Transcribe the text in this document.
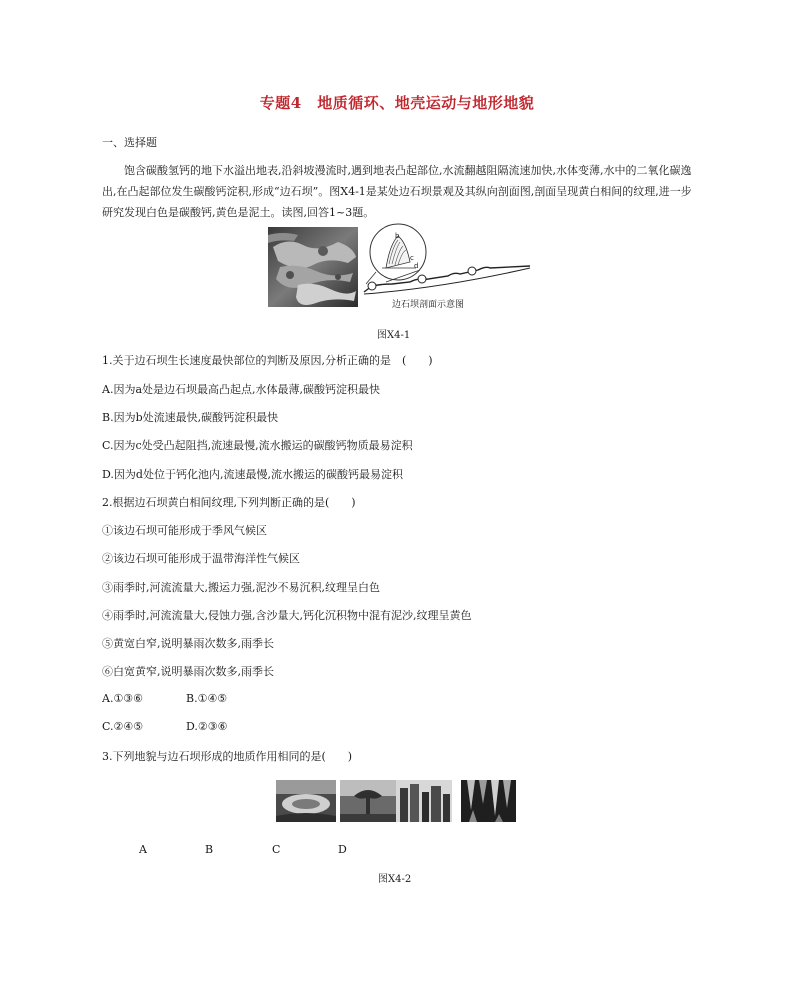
专题4　地质循环、地壳运动与地形地貌
一、选择题

饱含碳酸氢钙的地下水溢出地表,沿斜坡漫流时,遇到地表凸起部位,水流翻越阻隔流速加快,水体变薄,水中的二氧化碳逸出,在凸起部位发生碳酸钙淀积,形成“边石坝”。图X4-1是某处边石坝景观及其纵向剖面图,剖面呈现黄白相间的纹理,进一步研究发现白色是碳酸钙,黄色是泥土。读图,回答1~3题。

b
c
d
边石坝剖面示意图
图X4-1
1.关于边石坝生长速度最快部位的判断及原因,分析正确的是　(　　)
A.因为a处是边石坝最高凸起点,水体最薄,碳酸钙淀积最快
B.因为b处流速最快,碳酸钙淀积最快
C.因为c处受凸起阻挡,流速最慢,流水搬运的碳酸钙物质最易淀积
D.因为d处位于钙化池内,流速最慢,流水搬运的碳酸钙最易淀积
2.根据边石坝黄白相间纹理,下列判断正确的是(　　)
①该边石坝可能形成于季风气候区
②该边石坝可能形成于温带海洋性气候区
③雨季时,河流流量大,搬运力强,泥沙不易沉积,纹理呈白色
④雨季时,河流流量大,侵蚀力强,含沙量大,钙化沉积物中混有泥沙,纹理呈黄色
⑤黄宽白窄,说明暴雨次数多,雨季长
⑥白宽黄窄,说明暴雨次数多,雨季长
A.①③⑥	B.①④⑤
C.②④⑤	D.②③⑥
3.下列地貌与边石坝形成的地质作用相同的是(　　)
A	B	C	D
图X4-2
